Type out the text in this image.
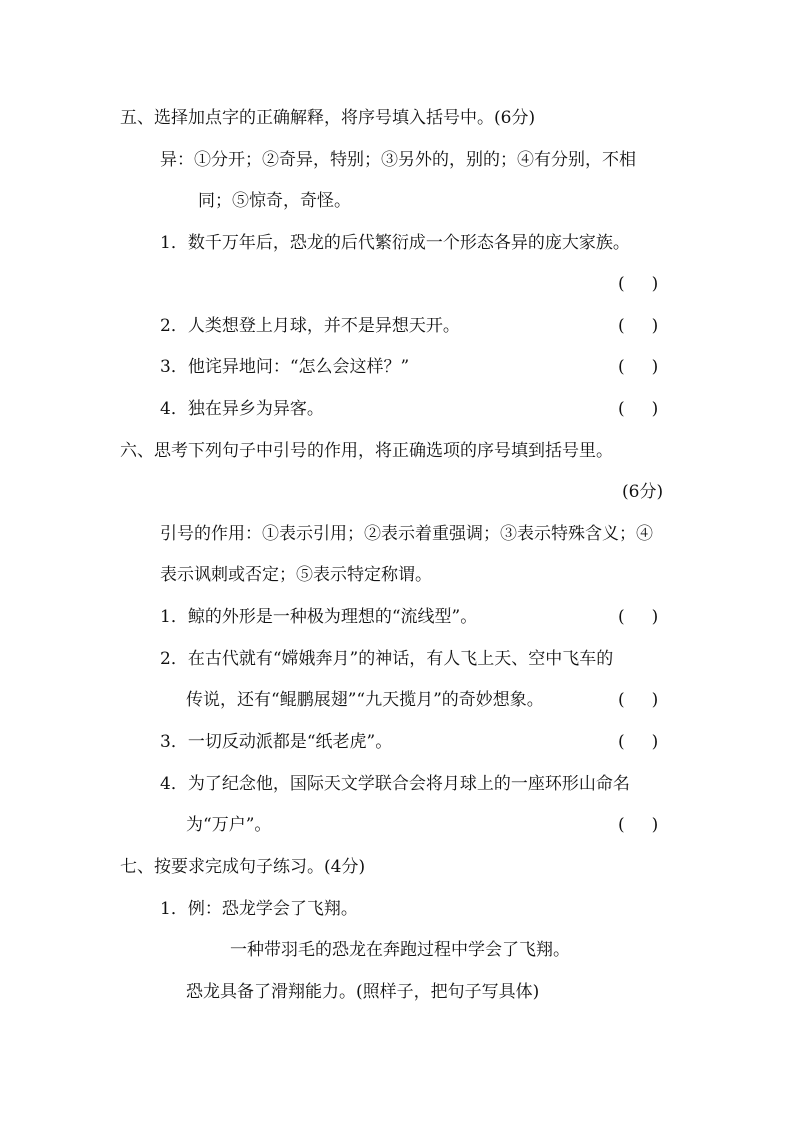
五、选择加点字的正确解释，将序号填入括号中。(6分)
异：①分开；②奇异，特别；③另外的，别的；④有分别，不相
同；⑤惊奇，奇怪。
1．数千万年后，恐龙的后代繁衍成一个形态各异的庞大家族。
(     )
2．人类想登上月球，并不是异想天开。	(     )
3．他诧异地问：“怎么会这样？”	(     )
4．独在异乡为异客。	(     )
六、思考下列句子中引号的作用，将正确选项的序号填到括号里。
(6分)
引号的作用：①表示引用；②表示着重强调；③表示特殊含义；④
表示讽刺或否定；⑤表示特定称谓。
1．鲸的外形是一种极为理想的“流线型”。	(     )
2．在古代就有“嫦娥奔月”的神话，有人飞上天、空中飞车的
传说，还有“鲲鹏展翅”“九天揽月”的奇妙想象。	(     )
3．一切反动派都是“纸老虎”。	(     )
4．为了纪念他，国际天文学联合会将月球上的一座环形山命名
为“万户”。	(     )
七、按要求完成句子练习。(4分)
1．例：恐龙学会了飞翔。
一种带羽毛的恐龙在奔跑过程中学会了飞翔。
恐龙具备了滑翔能力。(照样子，把句子写具体)
